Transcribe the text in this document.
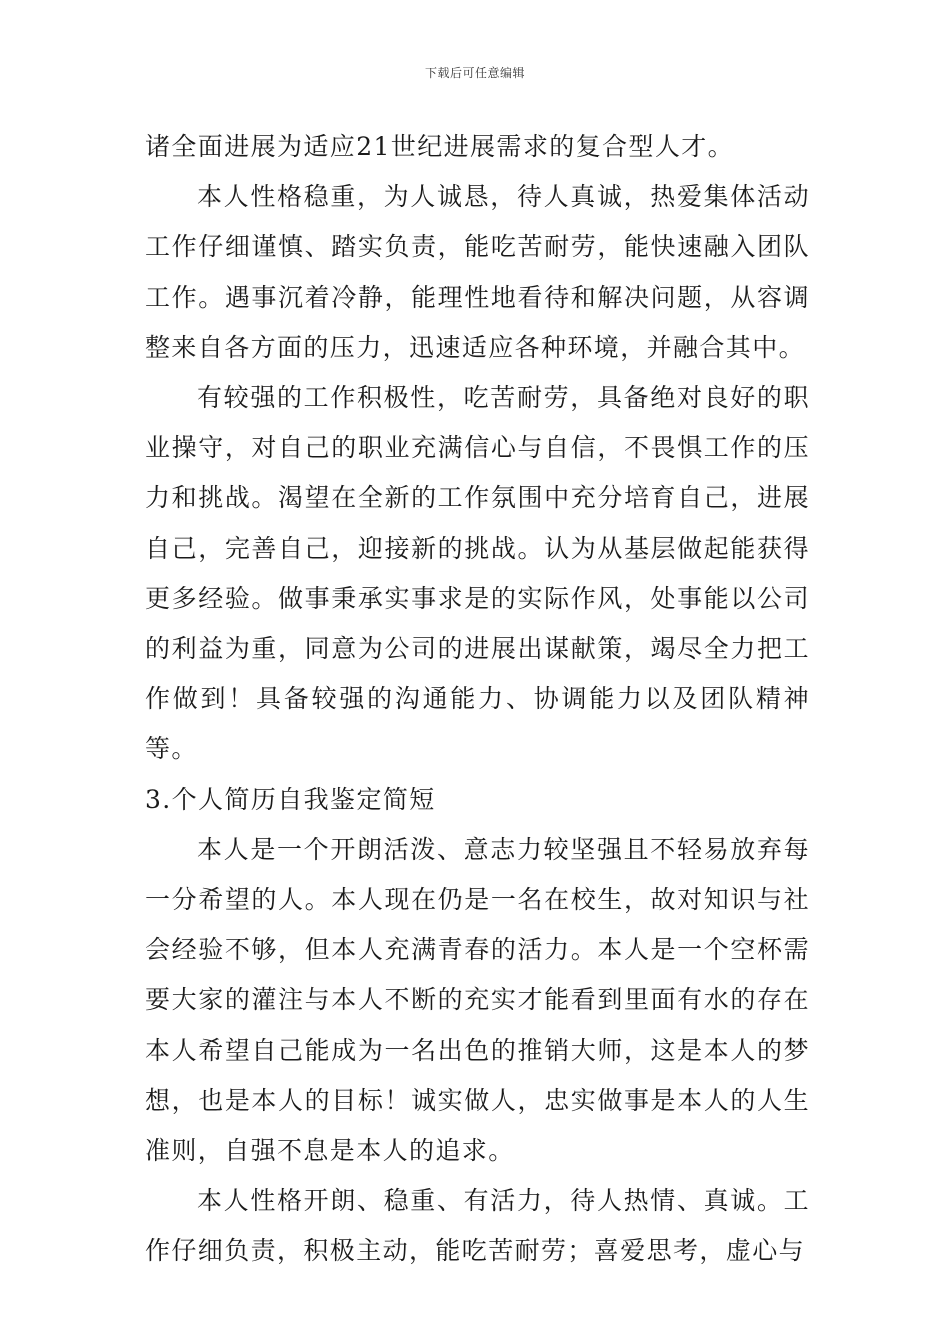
下载后可任意编辑

诸全面进展为适应21世纪进展需求的复合型人才。

本人性格稳重，为人诚恳，待人真诚，热爱集体活动工作仔细谨慎、踏实负责，能吃苦耐劳，能快速融入团队工作。遇事沉着冷静，能理性地看待和解决问题，从容调整来自各方面的压力，迅速适应各种环境，并融合其中。

有较强的工作积极性，吃苦耐劳，具备绝对良好的职业操守，对自己的职业充满信心与自信，不畏惧工作的压力和挑战。渴望在全新的工作氛围中充分培育自己，进展自己，完善自己，迎接新的挑战。认为从基层做起能获得更多经验。做事秉承实事求是的实际作风，处事能以公司的利益为重，同意为公司的进展出谋献策，竭尽全力把工作做到！具备较强的沟通能力、协调能力以及团队精神等。

3.个人简历自我鉴定简短

本人是一个开朗活泼、意志力较坚强且不轻易放弃每一分希望的人。本人现在仍是一名在校生，故对知识与社会经验不够，但本人充满青春的活力。本人是一个空杯需要大家的灌注与本人不断的充实才能看到里面有水的存在本人希望自己能成为一名出色的推销大师，这是本人的梦想，也是本人的目标！诚实做人，忠实做事是本人的人生准则，自强不息是本人的追求。

本人性格开朗、稳重、有活力，待人热情、真诚。工作仔细负责，积极主动，能吃苦耐劳；喜爱思考，虚心与
